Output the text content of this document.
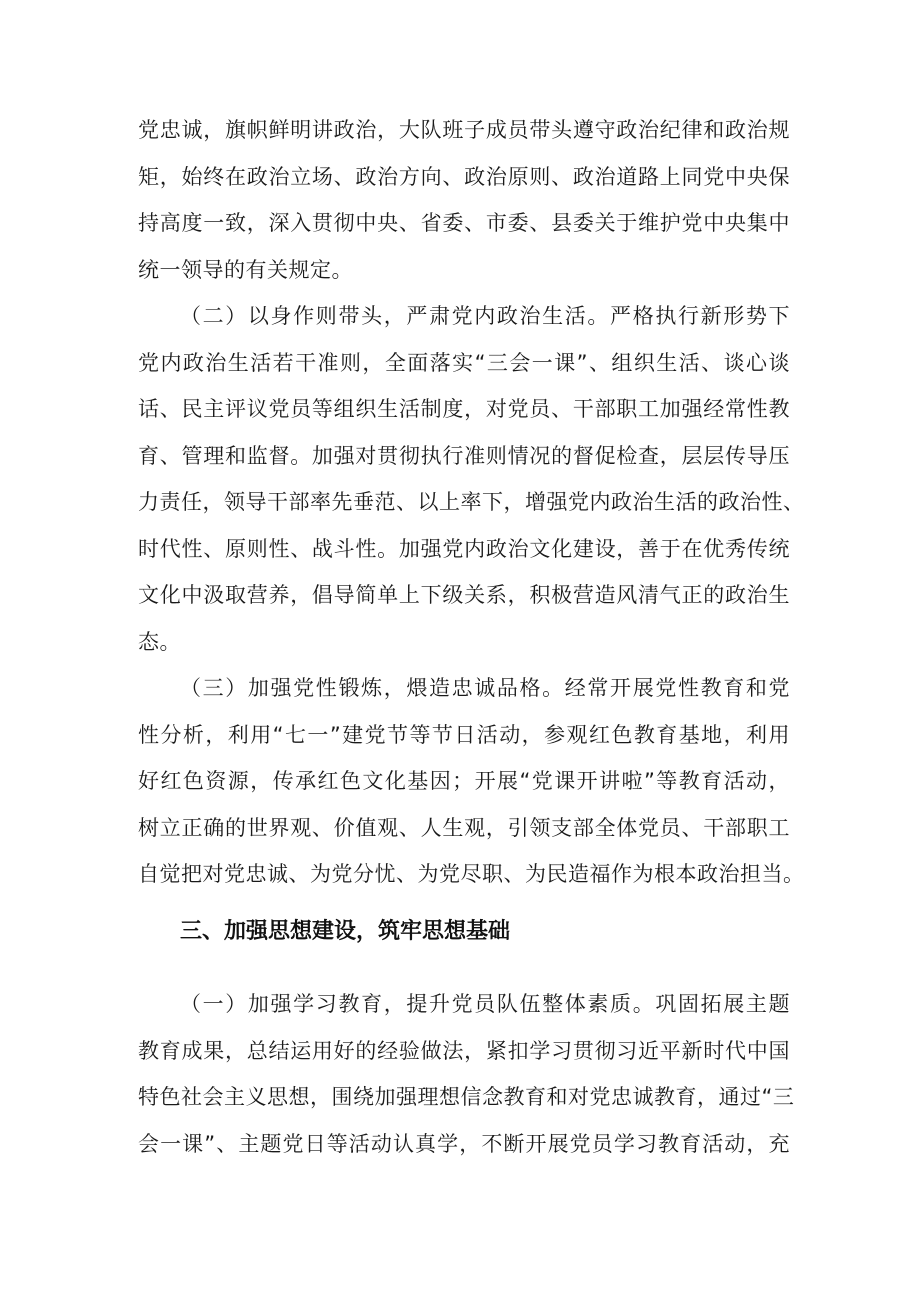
党忠诚，旗帜鲜明讲政治，大队班子成员带头遵守政治纪律和政治规
矩，始终在政治立场、政治方向、政治原则、政治道路上同党中央保
持高度一致，深入贯彻中央、省委、市委、县委关于维护党中央集中
统一领导的有关规定。
（二）以身作则带头，严肃党内政治生活。严格执行新形势下
党内政治生活若干准则，全面落实“三会一课”、组织生活、谈心谈
话、民主评议党员等组织生活制度，对党员、干部职工加强经常性教
育、管理和监督。加强对贯彻执行准则情况的督促检查，层层传导压
力责任，领导干部率先垂范、以上率下，增强党内政治生活的政治性、
时代性、原则性、战斗性。加强党内政治文化建设，善于在优秀传统
文化中汲取营养，倡导简单上下级关系，积极营造风清气正的政治生
态。
（三）加强党性锻炼，煨造忠诚品格。经常开展党性教育和党
性分析，利用“七一”建党节等节日活动，参观红色教育基地，利用
好红色资源，传承红色文化基因；开展“党课开讲啦”等教育活动，
树立正确的世界观、价值观、人生观，引领支部全体党员、干部职工
自觉把对党忠诚、为党分忧、为党尽职、为民造福作为根本政治担当。
三、加强思想建设，筑牢思想基础
（一）加强学习教育，提升党员队伍整体素质。巩固拓展主题
教育成果，总结运用好的经验做法，紧扣学习贯彻习近平新时代中国
特色社会主义思想，围绕加强理想信念教育和对党忠诚教育，通过“三
会一课”、主题党日等活动认真学，不断开展党员学习教育活动，充
